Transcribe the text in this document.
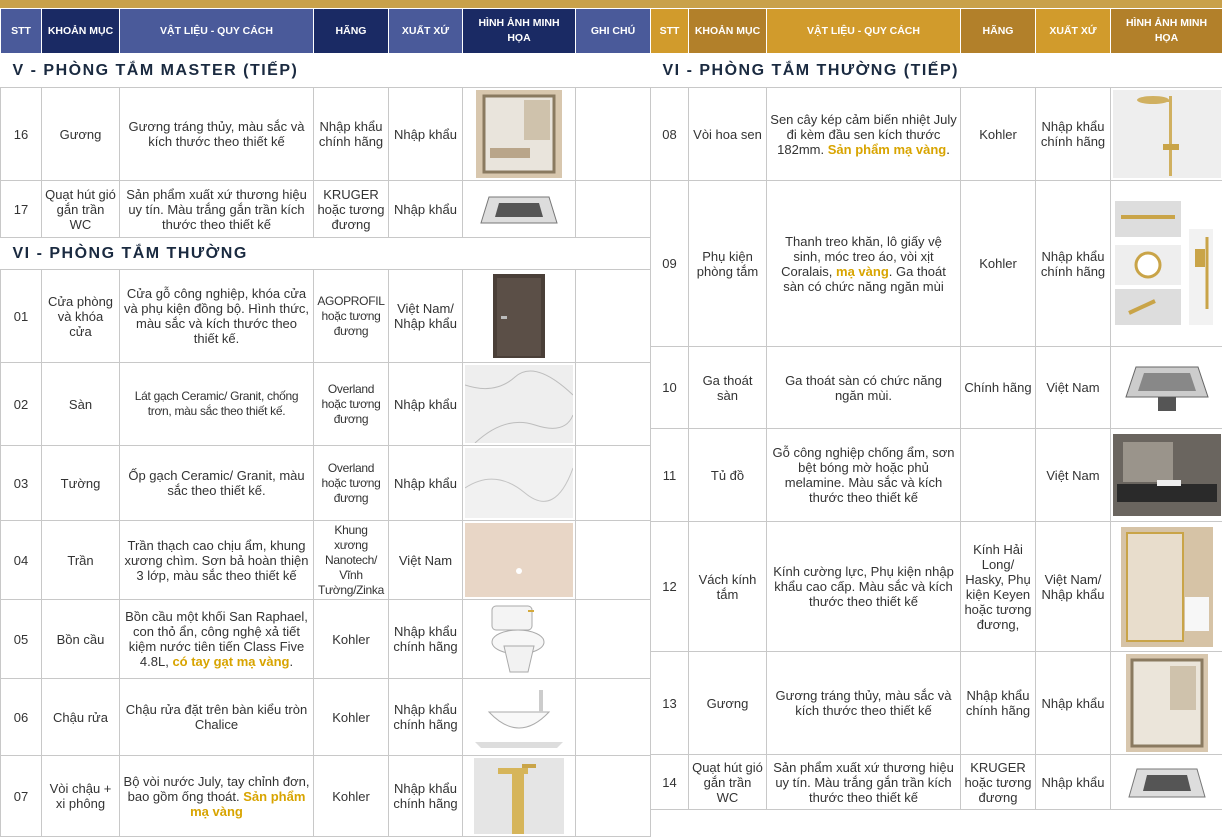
STT	KHOẢN MỤC	VẬT LIỆU - QUY CÁCH	HÃNG	XUẤT XỨ	HÌNH ẢNH MINH HỌA	GHI CHÚ
V - PHÒNG TẮM MASTER (TIẾP)						
16	Gương	Gương tráng thủy, màu sắc và kích thước theo thiết kế	Nhập khẩu chính hãng	Nhập khẩu	

17	Quạt hút gió gắn trần WC	Sản phẩm xuất xứ thương hiệu uy tín. Màu trắng gắn trần kích thước theo thiết kế	KRUGER hoặc tương đương	Nhập khẩu	

VI - PHÒNG TẮM THƯỜNG						
01	Cửa phòng và khóa cửa	Cửa gỗ công nghiệp, khóa cửa và phụ kiện đồng bộ. Hình thức, màu sắc và kích thước theo thiết kế.	AGOPROFIL hoặc tương đương	Việt Nam/ Nhập khẩu	

02	Sàn	Lát gạch Ceramic/ Granit, chống trơn, màu sắc theo thiết kế.	Overland hoặc tương đương	Nhập khẩu	

03	Tường	Ốp gạch Ceramic/ Granit, màu sắc theo thiết kế.	Overland hoặc tương đương	Nhập khẩu	

04	Trần	Trần thạch cao chịu ẩm, khung xương chìm. Sơn bả hoàn thiện 3 lớp, màu sắc theo thiết kế	Khung xương Nanotech/ Vĩnh Tường/Zinka	Việt Nam	

05	Bồn cầu	Bồn cầu một khối San Raphael, con thỏ ẩn, công nghệ xả tiết kiệm nước tiên tiến Class Five 4.8L, có tay gạt mạ vàng.	Kohler	Nhập khẩu chính hãng	

06	Chậu rửa	Chậu rửa đặt trên bàn kiểu tròn Chalice	Kohler	Nhập khẩu chính hãng	

07	Vòi chậu + xi phông	Bộ vòi nước July, tay chỉnh đơn, bao gồm ống thoát. Sản phẩm mạ vàng	Kohler	Nhập khẩu chính hãng	

STT	KHOẢN MỤC	VẬT LIỆU - QUY CÁCH	HÃNG	XUẤT XỨ	HÌNH ẢNH MINH HỌA
VI - PHÒNG TẮM THƯỜNG (TIẾP)					
08	Vòi hoa sen	Sen cây kép cảm biến nhiệt July đi kèm đầu sen kích thước 182mm. Sản phẩm mạ vàng.	Kohler	Nhập khẩu chính hãng	

09	Phụ kiện phòng tắm	Thanh treo khăn, lô giấy vệ sinh, móc treo áo, vòi xịt Coralais, mạ vàng. Ga thoát sàn có chức năng ngăn mùi	Kohler	Nhập khẩu chính hãng	

10	Ga thoát sàn	Ga thoát sàn có chức năng ngăn mùi.	Chính hãng	Việt Nam	

11	Tủ đồ	Gỗ công nghiệp chống ẩm, sơn bệt bóng mờ hoặc phủ melamine. Màu sắc và kích thước theo thiết kế		Việt Nam	

12	Vách kính tắm	Kính cường lực, Phụ kiện nhập khẩu cao cấp. Màu sắc và kích thước theo thiết kế	Kính Hải Long/ Hasky, Phụ kiện Keyen hoặc tương đương,	Việt Nam/ Nhập khẩu	

13	Gương	Gương tráng thủy, màu sắc và kích thước theo thiết kế	Nhập khẩu chính hãng	Nhập khẩu	

14	Quạt hút gió gắn trần WC	Sản phẩm xuất xứ thương hiệu uy tín. Màu trắng gắn trần kích thước theo thiết kế	KRUGER hoặc tương đương	Nhập khẩu	
